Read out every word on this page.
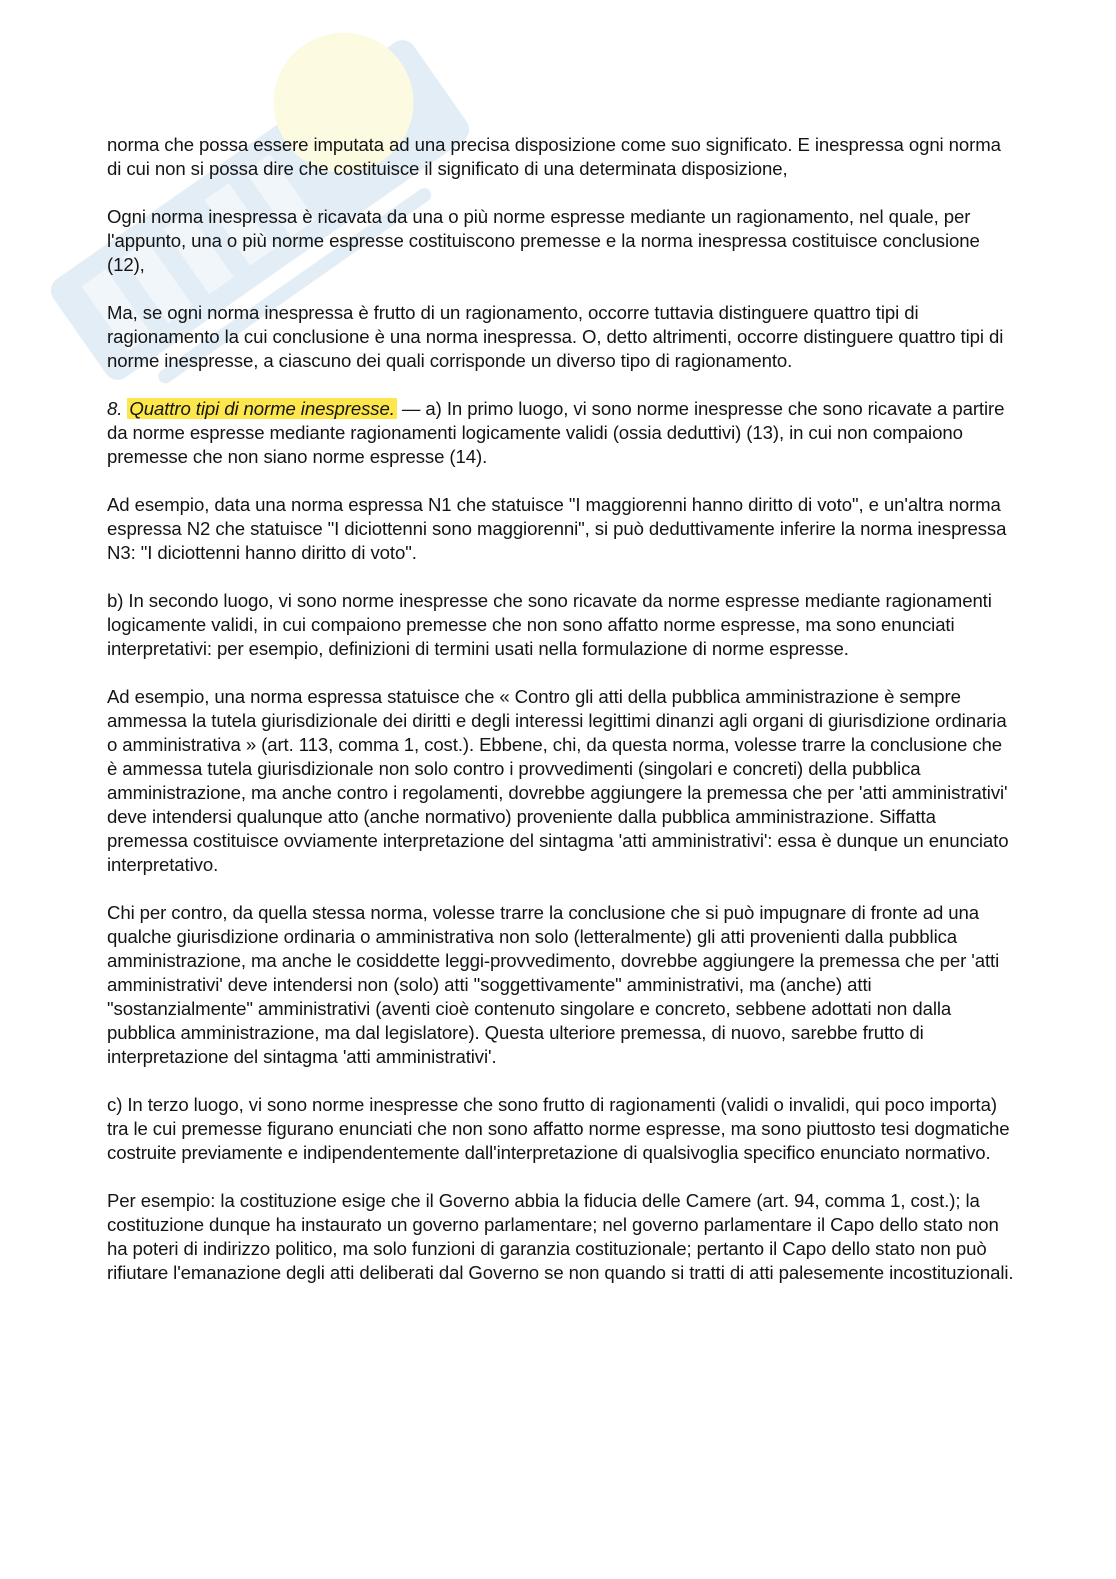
norma che possa essere imputata ad una precisa disposizione come suo significato. E inespressa ogni norma di cui non si possa dire che costituisce il significato di una determinata disposizione,

Ogni norma inespressa è ricavata da una o più norme espresse mediante un ragionamento, nel quale, per l'appunto, una o più norme espresse costituiscono premesse e la norma inespressa costituisce conclusione (12),

Ma, se ogni norma inespressa è frutto di un ragionamento, occorre tuttavia distinguere quattro tipi di ragionamento la cui conclusione è una norma inespressa. O, detto altrimenti, occorre distinguere quattro tipi di norme inespresse, a ciascuno dei quali corrisponde un diverso tipo di ragionamento.

8. Quattro tipi di norme inespresse. — a) In primo luogo, vi sono norme inespresse che sono ricavate a partire da norme espresse mediante ragionamenti logicamente validi (ossia deduttivi) (13), in cui non compaiono premesse che non siano norme espresse (14).

Ad esempio, data una norma espressa N1 che statuisce "I maggiorenni hanno diritto di voto", e un'altra norma espressa N2 che statuisce "I diciottenni sono maggiorenni", si può deduttivamente inferire la norma inespressa N3: "I diciottenni hanno diritto di voto".

b) In secondo luogo, vi sono norme inespresse che sono ricavate da norme espresse mediante ragionamenti logicamente validi, in cui compaiono premesse che non sono affatto norme espresse, ma sono enunciati interpretativi: per esempio, definizioni di termini usati nella formulazione di norme espresse.

Ad esempio, una norma espressa statuisce che « Contro gli atti della pubblica amministrazione è sempre ammessa la tutela giurisdizionale dei diritti e degli interessi legittimi dinanzi agli organi di giurisdizione ordinaria o amministrativa » (art. 113, comma 1, cost.). Ebbene, chi, da questa norma, volesse trarre la conclusione che è ammessa tutela giurisdizionale non solo contro i provvedimenti (singolari e concreti) della pubblica amministrazione, ma anche contro i regolamenti, dovrebbe aggiungere la premessa che per 'atti amministrativi' deve intendersi qualunque atto (anche normativo) proveniente dalla pubblica amministrazione. Siffatta premessa costituisce ovviamente interpretazione del sintagma 'atti amministrativi': essa è dunque un enunciato interpretativo.

Chi per contro, da quella stessa norma, volesse trarre la conclusione che si può impugnare di fronte ad una qualche giurisdizione ordinaria o amministrativa non solo (letteralmente) gli atti provenienti dalla pubblica amministrazione, ma anche le cosiddette leggi-provvedimento, dovrebbe aggiungere la premessa che per 'atti amministrativi' deve intendersi non (solo) atti "soggettivamente" amministrativi, ma (anche) atti "sostanzialmente" amministrativi (aventi cioè contenuto singolare e concreto, sebbene adottati non dalla pubblica amministrazione, ma dal legislatore). Questa ulteriore premessa, di nuovo, sarebbe frutto di interpretazione del sintagma 'atti amministrativi'.

c) In terzo luogo, vi sono norme inespresse che sono frutto di ragionamenti (validi o invalidi, qui poco importa) tra le cui premesse figurano enunciati che non sono affatto norme espresse, ma sono piuttosto tesi dogmatiche costruite previamente e indipendentemente dall'interpretazione di qualsivoglia specifico enunciato normativo.

Per esempio: la costituzione esige che il Governo abbia la fiducia delle Camere (art. 94, comma 1, cost.); la costituzione dunque ha instaurato un governo parlamentare; nel governo parlamentare il Capo dello stato non ha poteri di indirizzo politico, ma solo funzioni di garanzia costituzionale; pertanto il Capo dello stato non può rifiutare l'emanazione degli atti deliberati dal Governo se non quando si tratti di atti palesemente incostituzionali.
